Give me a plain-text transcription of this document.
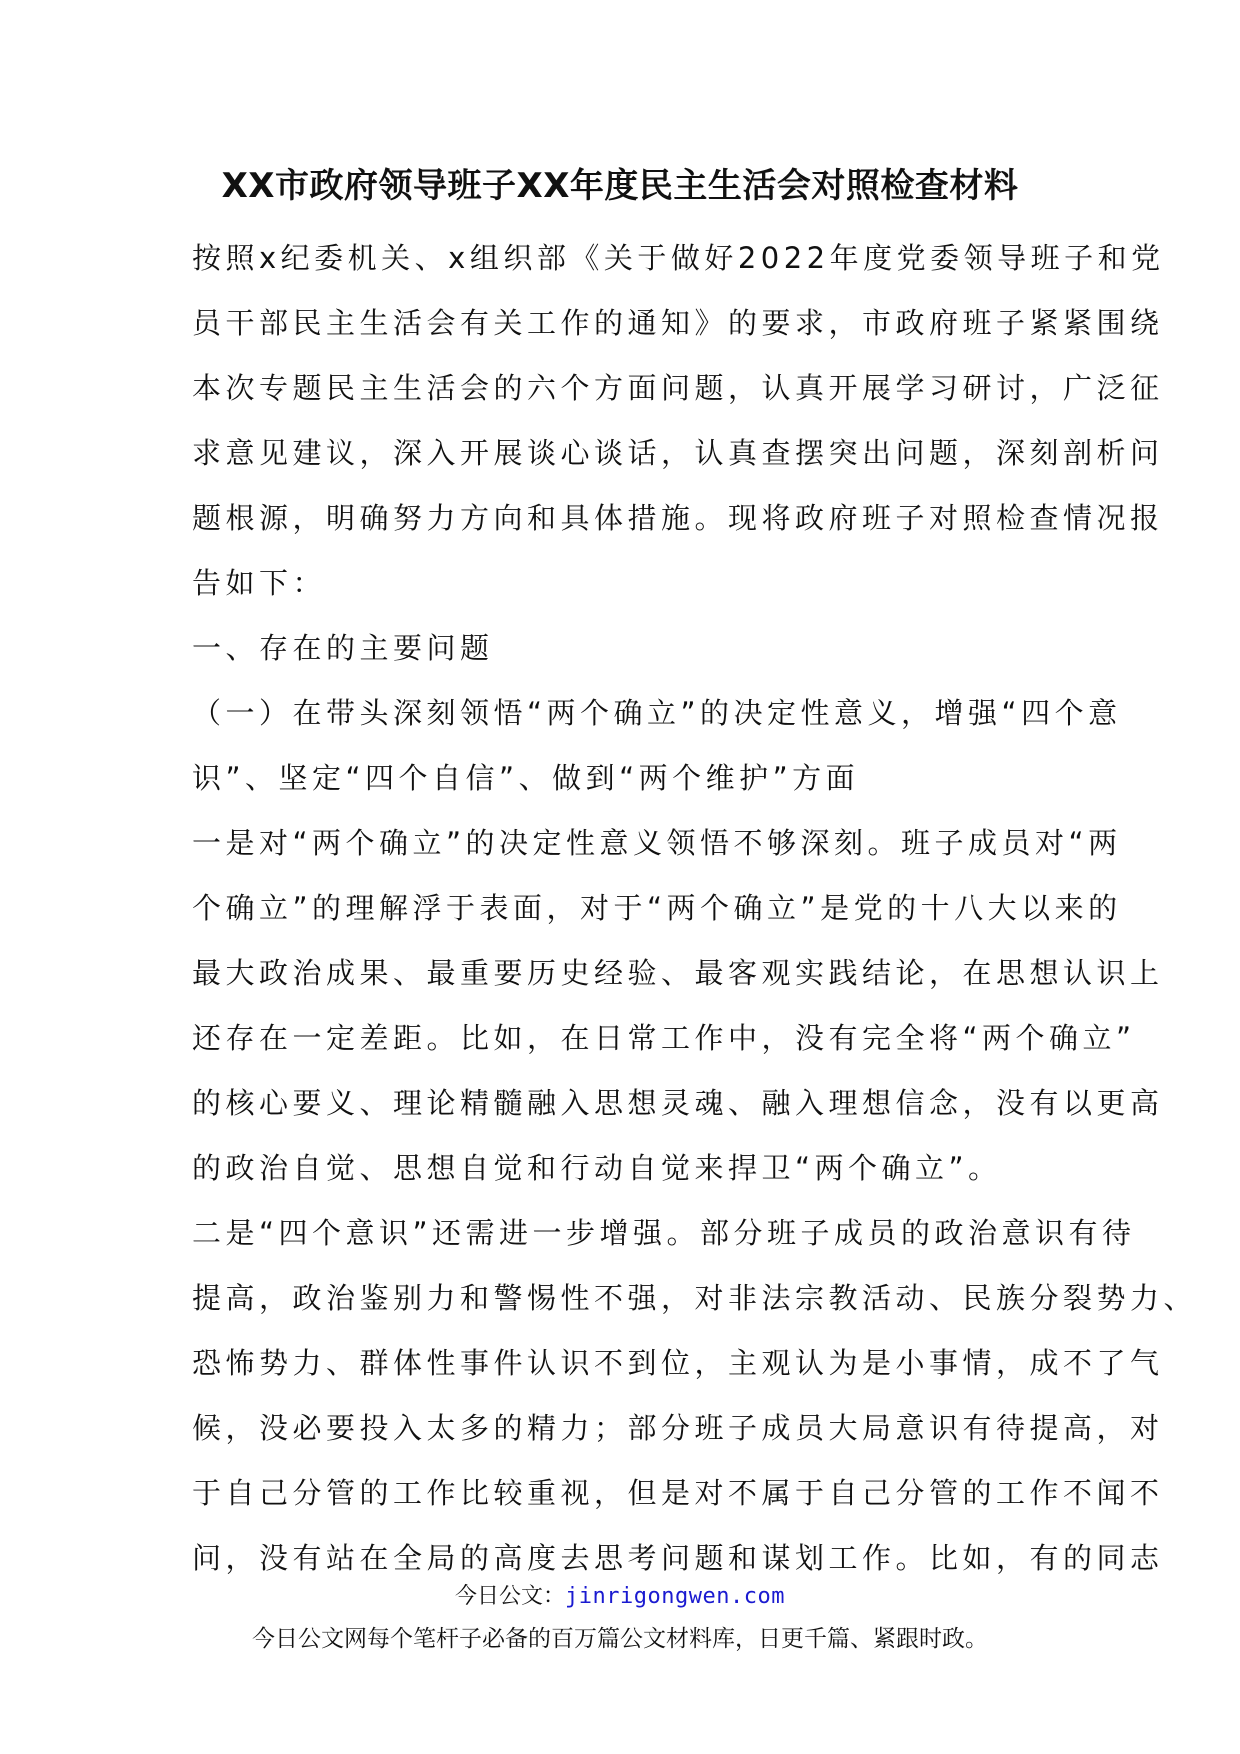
XX市政府领导班子XX年度民主生活会对照检查材料
按照x纪委机关、x组织部《关于做好2022年度党委领导班子和党
员干部民主生活会有关工作的通知》的要求，市政府班子紧紧围绕
本次专题民主生活会的六个方面问题，认真开展学习研讨，广泛征
求意见建议，深入开展谈心谈话，认真查摆突出问题，深刻剖析问
题根源，明确努力方向和具体措施。现将政府班子对照检查情况报
告如下：
一、存在的主要问题
（一）在带头深刻领悟“两个确立”的决定性意义，增强“四个意
识”、坚定“四个自信”、做到“两个维护”方面
一是对“两个确立”的决定性意义领悟不够深刻。班子成员对“两
个确立”的理解浮于表面，对于“两个确立”是党的十八大以来的
最大政治成果、最重要历史经验、最客观实践结论，在思想认识上
还存在一定差距。比如，在日常工作中，没有完全将“两个确立”
的核心要义、理论精髓融入思想灵魂、融入理想信念，没有以更高
的政治自觉、思想自觉和行动自觉来捍卫“两个确立”。
二是“四个意识”还需进一步增强。部分班子成员的政治意识有待
提高，政治鉴别力和警惕性不强，对非法宗教活动、民族分裂势力、
恐怖势力、群体性事件认识不到位，主观认为是小事情，成不了气
候，没必要投入太多的精力；部分班子成员大局意识有待提高，对
于自己分管的工作比较重视，但是对不属于自己分管的工作不闻不
问，没有站在全局的高度去思考问题和谋划工作。比如，有的同志
今日公文：jinrigongwen.com
今日公文网每个笔杆子必备的百万篇公文材料库，日更千篇、紧跟时政。
